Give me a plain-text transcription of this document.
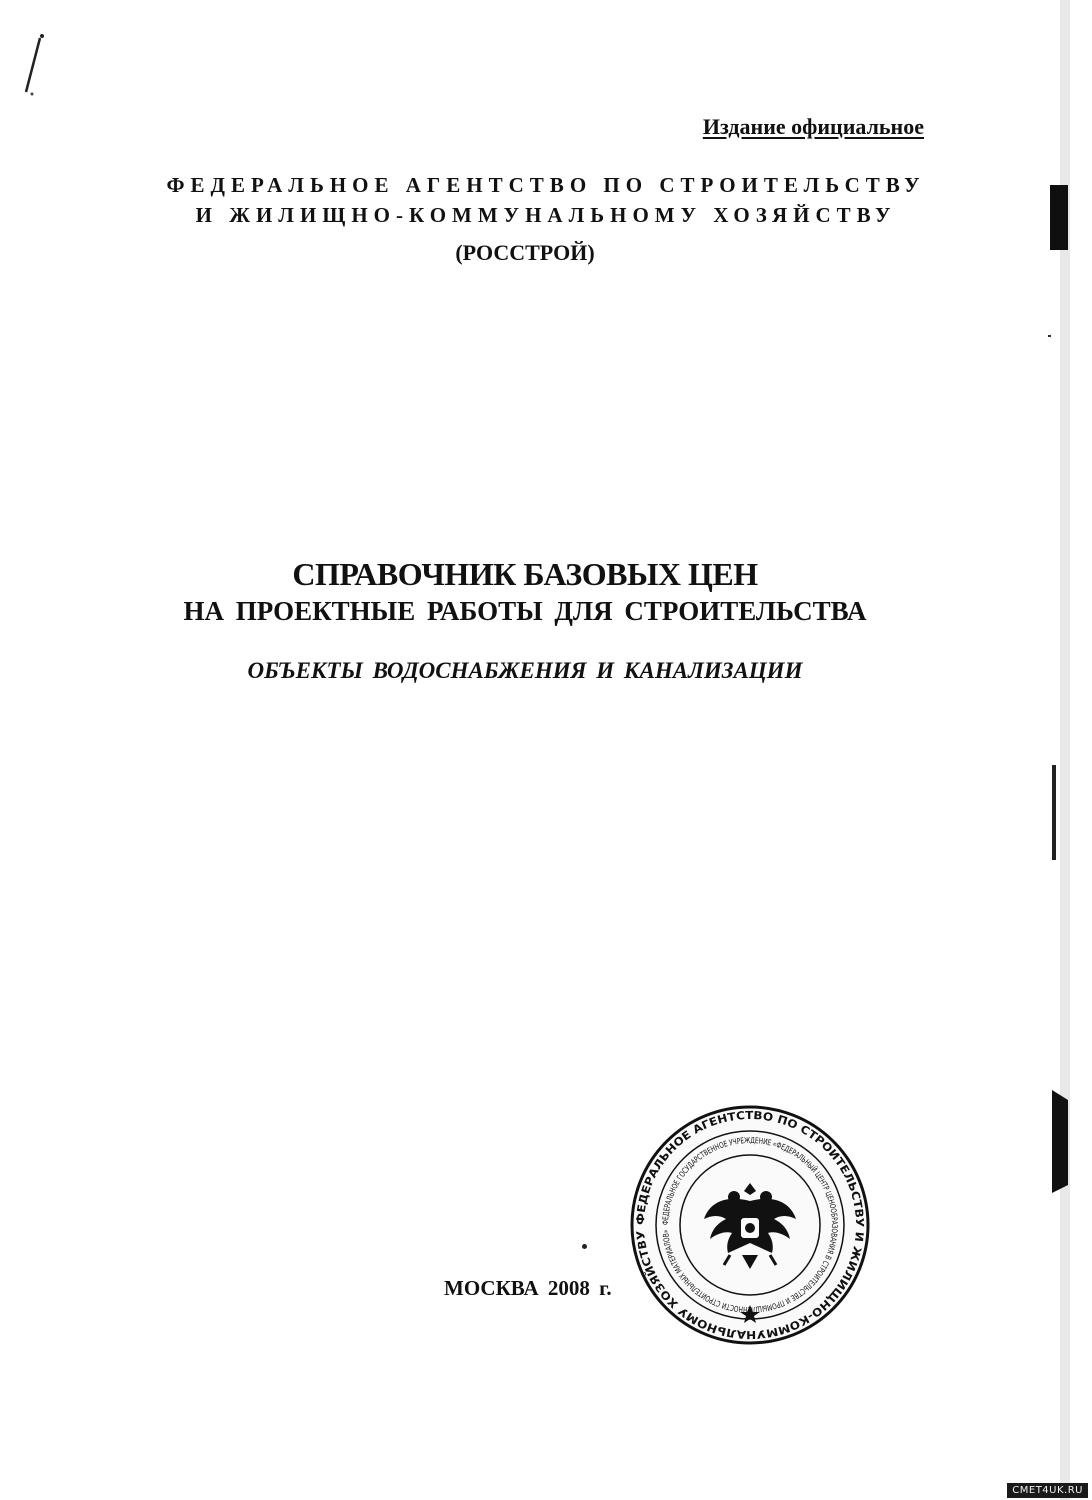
Издание официальное
ФЕДЕРАЛЬНОЕ АГЕНТСТВО ПО СТРОИТЕЛЬСТВУ
И ЖИЛИЩНО-КОММУНАЛЬНОМУ ХОЗЯЙСТВУ
(РОССТРОЙ)
СПРАВОЧНИК БАЗОВЫХ ЦЕН
НА ПРОЕКТНЫЕ РАБОТЫ ДЛЯ СТРОИТЕЛЬСТВА
ОБЪЕКТЫ ВОДОСНАБЖЕНИЯ И КАНАЛИЗАЦИИ
МОСКВА 2008 г.
ФЕДЕРАЛЬНОЕ АГЕНТСТВО ПО СТРОИТЕЛЬСТВУ И ЖИЛИЩНО-КОММУНАЛЬНОМУ ХОЗЯЙСТВУ
ФЕДЕРАЛЬНОЕ ГОСУДАРСТВЕННОЕ УЧРЕЖДЕНИЕ «ФЕДЕРАЛЬНЫЙ ЦЕНТР ЦЕНООБРАЗОВАНИЯ В СТРОИТЕЛЬСТВЕ И ПРОМЫШЛ ННОСТИ СТРОИТЕЛЬНЫХ МАТЕРИАЛОВ»
СМЕТ4UK.RU
